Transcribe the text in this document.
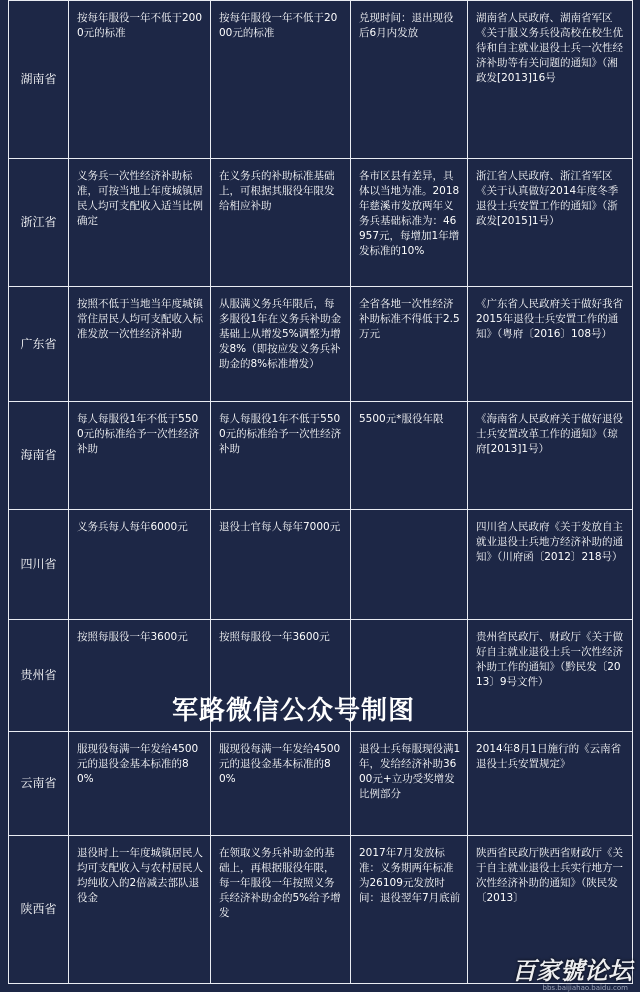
湖南省	按每年服役一年不低于2000元的标准	按每年服役一年不低于2000元的标准	兑现时间：退出现役后6月内发放	湖南省人民政府、湖南省军区《关于服义务兵役高校在校生优待和自主就业退役士兵一次性经济补助等有关问题的通知》（湘政发[2013]16号
浙江省	义务兵一次性经济补助标准，可按当地上年度城镇居民人均可支配收入适当比例确定	在义务兵的补助标准基础上，可根据其服役年限发给相应补助	各市区县有差异，具体以当地为准。2018年慈溪市发放两年义务兵基础标准为：46957元，每增加1年增发标准的10%	浙江省人民政府、浙江省军区《关于认真做好2014年度冬季退役士兵安置工作的通知》（浙政发[2015]1号）
广东省	按照不低于当地当年度城镇常住居民人均可支配收入标准发放一次性经济补助	从服满义务兵年限后，每多服役1年在义务兵补助金基础上从增发5%调整为增发8%（即按应发义务兵补助金的8%标准增发）	全省各地一次性经济补助标准不得低于2.5万元	《广东省人民政府关于做好我省2015年退役士兵安置工作的通知》（粤府〔2016〕108号）
海南省	每人每服役1年不低于5500元的标准给予一次性经济补助	每人每服役1年不低于5500元的标准给予一次性经济补助	5500元*服役年限	《海南省人民政府关于做好退役士兵安置改革工作的通知》（琼府[2013]1号）
四川省	义务兵每人每年6000元	退役士官每人每年7000元		四川省人民政府《关于发放自主就业退役士兵地方经济补助的通知》（川府函〔2012〕218号）
贵州省	按照每服役一年3600元	按照每服役一年3600元		贵州省民政厅、财政厅《关于做好自主就业退役士兵一次性经济补助工作的通知》（黔民发〔2013〕9号文件）
云南省	服现役每满一年发给4500元的退役金基本标准的80%	服现役每满一年发给4500元的退役金基本标准的80%	退役士兵每服现役满1年，发给经济补助3600元+立功受奖增发比例部分	2014年8月1日施行的《云南省退役士兵安置规定》
陕西省	退役时上一年度城镇居民人均可支配收入与农村居民人均纯收入的2倍减去部队退役金	在领取义务兵补助金的基础上，再根据服役年限，每一年服役一年按照义务兵经济补助金的5%给予增发	2017年7月发放标准：义务期两年标准为26109元发放时间：退役翌年7月底前	陕西省民政厅陕西省财政厅《关于自主就业退役士兵实行地方一次性经济补助的通知》（陕民发〔2013〕
军路微信公众号制图
百家號论坛
bbs.baijiahao.baidu.com
